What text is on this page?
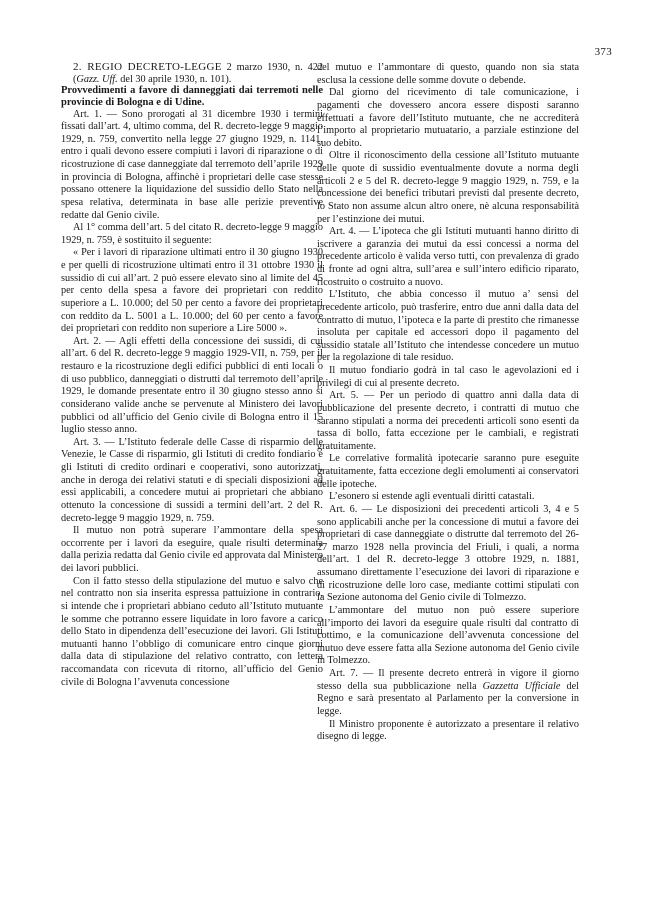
373

2. REGIO DECRETO-LEGGE 2 marzo 1930, n. 422 (Gazz. Uff. del 30 aprile 1930, n. 101).

Provvedimenti a favore di danneggiati dai terremoti nelle provincie di Bologna e di Udine.

Art. 1. — Sono prorogati al 31 dicembre 1930 i termini fissati dall’art. 4, ultimo comma, del R. decreto-legge 9 maggio 1929, n. 759, convertito nella legge 27 giugno 1929, n. 1141, entro i quali devono essere compiuti i lavori di riparazione o di ricostruzione di case danneggiate dal terremoto dell’aprile 1929 in provincia di Bologna, affinchè i proprietari delle case stesse possano ottenere la liquidazione del sussidio dello Stato nella spesa relativa, determinata in base alle perizie preventive redatte dal Genio civile.

Al 1° comma dell’art. 5 del citato R. decreto-legge 9 maggio 1929, n. 759, è sostituito il seguente:

« Per i lavori di riparazione ultimati entro il 30 giugno 1930 e per quelli di ricostruzione ultimati entro il 31 ottobre 1930 il sussidio di cui all’art. 2 può essere elevato sino al limite del 45 per cento della spesa a favore dei proprietari con reddito superiore a L. 10.000; del 50 per cento a favore dei proprietari con reddito da L. 5001 a L. 10.000; del 60 per cento a favore dei proprietari con reddito non superiore a Lire 5000 ».

Art. 2. — Agli effetti della concessione dei sussidi, di cui all’art. 6 del R. decreto-legge 9 maggio 1929-VII, n. 759, per il restauro e la ricostruzione degli edifici pubblici di enti locali o di uso pubblico, danneggiati o distrutti dal terremoto dell’aprile 1929, le domande presentate entro il 30 giugno stesso anno si considerano valide anche se pervenute al Ministero dei lavori pubblici od all’ufficio del Genio civile di Bologna entro il 15 luglio stesso anno.

Art. 3. — L’Istituto federale delle Casse di risparmio delle Venezie, le Casse di risparmio, gli Istituti di credito fondiario e gli Istituti di credito ordinari e cooperativi, sono autorizzati, anche in deroga dei relativi statuti e di speciali disposizioni ad essi applicabili, a concedere mutui ai proprietari che abbiano ottenuto la concessione di sussidi a termini dell’art. 2 del R. decreto-legge 9 maggio 1929, n. 759.

Il mutuo non potrà superare l’ammontare della spesa occorrente per i lavori da eseguire, quale risulti determinata dalla perizia redatta dal Genio civile ed approvata dal Ministero dei lavori pubblici.

Con il fatto stesso della stipulazione del mutuo e salvo che nel contratto non sia inserita espressa pattuizione in contrario, si intende che i proprietari abbiano ceduto all’Istituto mutuante le somme che potranno essere liquidate in loro favore a carico dello Stato in dipendenza dell’esecuzione dei lavori. Gli Istituti mutuanti hanno l’obbligo di comunicare entro cinque giorni dalla data di stipulazione del relativo contratto, con lettera raccomandata con ricevuta di ritorno, all’ufficio del Genio civile di Bologna l’avvenuta concessione

del mutuo e l’ammontare di questo, quando non sia stata esclusa la cessione delle somme dovute o debende.

Dal giorno del ricevimento di tale comunicazione, i pagamenti che dovessero ancora essere disposti saranno effettuati a favore dell’Istituto mutuante, che ne accrediterà l’importo al proprietario mutuatario, a parziale estinzione del suo debito.

Oltre il riconoscimento della cessione all’Istituto mutuante delle quote di sussidio eventualmente dovute a norma degli articoli 2 e 5 del R. decreto-legge 9 maggio 1929, n. 759, e la concessione dei benefici tributari previsti dal presente decreto, lo Stato non assume alcun altro onere, nè alcuna responsabilità per l’estinzione dei mutui.

Art. 4. — L’ipoteca che gli Istituti mutuanti hanno diritto di iscrivere a garanzia dei mutui da essi concessi a norma del precedente articolo è valida verso tutti, con prevalenza di grado di fronte ad ogni altra, sull’area e sull’intero edificio riparato, ricostruito o costruito a nuovo.

L’Istituto, che abbia concesso il mutuo a’ sensi del precedente articolo, può trasferire, entro due anni dalla data del contratto di mutuo, l’ipoteca e la parte di prestito che rimanesse insoluta per capitale ed accessori dopo il pagamento del sussidio statale all’Istituto che intendesse concedere un mutuo per la regolazione di tale residuo.

Il mutuo fondiario godrà in tal caso le agevolazioni ed i privilegi di cui al presente decreto.

Art. 5. — Per un periodo di quattro anni dalla data di pubblicazione del presente decreto, i contratti di mutuo che saranno stipulati a norma dei precedenti articoli sono esenti da tassa di bollo, fatta eccezione per le cambiali, e registrati gratuitamente.

Le correlative formalità ipotecarie saranno pure eseguite gratuitamente, fatta eccezione degli emolumenti ai conservatori delle ipoteche.

L’esonero si estende agli eventuali diritti catastali.

Art. 6. — Le disposizioni dei precedenti articoli 3, 4 e 5 sono applicabili anche per la concessione di mutui a favore dei proprietari di case danneggiate o distrutte dal terremoto del 26-27 marzo 1928 nella provincia del Friuli, i quali, a norma dell’art. 1 del R. decreto-legge 3 ottobre 1929, n. 1881, assumano direttamente l’esecuzione dei lavori di riparazione e di ricostruzione delle loro case, mediante cottimi stipulati con la Sezione autonoma del Genio civile di Tolmezzo.

L’ammontare del mutuo non può essere superiore all’importo dei lavori da eseguire quale risulti dal contratto di cottimo, e la comunicazione dell’avvenuta concessione del mutuo deve essere fatta alla Sezione autonoma del Genio civile in Tolmezzo.

Art. 7. — Il presente decreto entrerà in vigore il giorno stesso della sua pubblicazione nella Gazzetta Ufficiale del Regno e sarà presentato al Parlamento per la conversione in legge.

Il Ministro proponente è autorizzato a presentare il relativo disegno di legge.
